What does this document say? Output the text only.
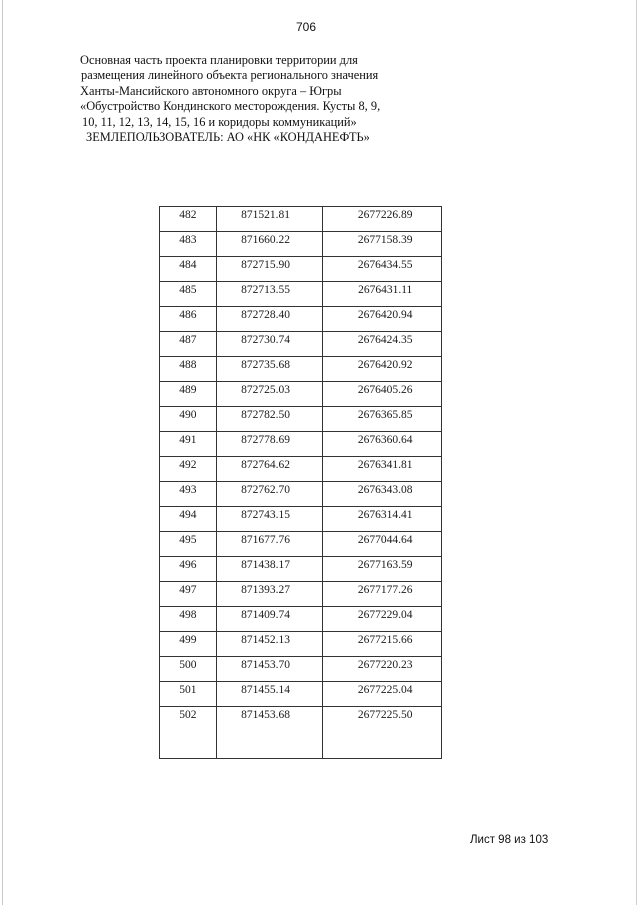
706
Основная часть проекта планировки территории для
размещения линейного объекта регионального значения
Ханты-Мансийского автономного округа – Югры
«Обустройство Кондинского месторождения. Кусты 8, 9,
10, 11, 12, 13, 14, 15, 16 и коридоры коммуникаций»
ЗЕМЛЕПОЛЬЗОВАТЕЛЬ: АО «НК «КОНДАНЕФТЬ»
482	871521.81	2677226.89
483	871660.22	2677158.39
484	872715.90	2676434.55
485	872713.55	2676431.11
486	872728.40	2676420.94
487	872730.74	2676424.35
488	872735.68	2676420.92
489	872725.03	2676405.26
490	872782.50	2676365.85
491	872778.69	2676360.64
492	872764.62	2676341.81
493	872762.70	2676343.08
494	872743.15	2676314.41
495	871677.76	2677044.64
496	871438.17	2677163.59
497	871393.27	2677177.26
498	871409.74	2677229.04
499	871452.13	2677215.66
500	871453.70	2677220.23
501	871455.14	2677225.04
502	871453.68	2677225.50
Лист 98 из 103
